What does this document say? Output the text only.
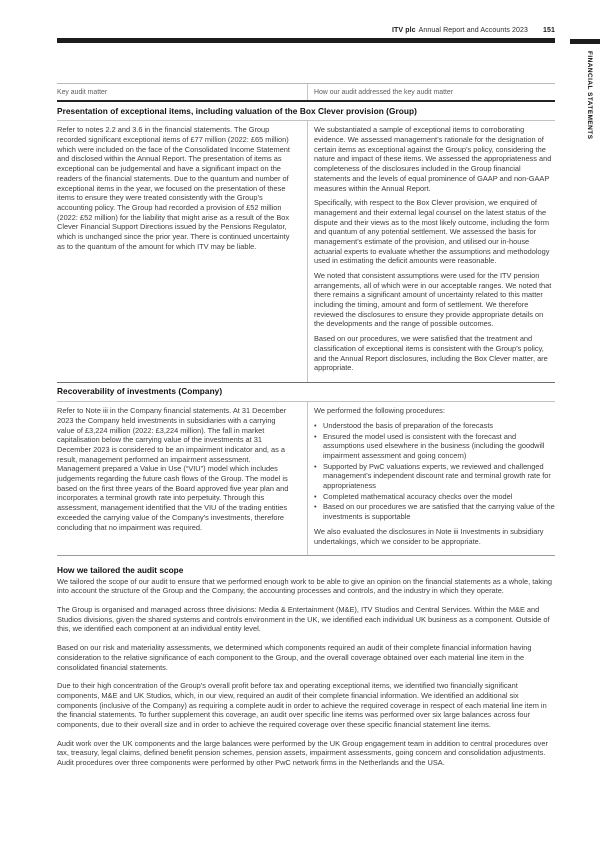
FINANCIAL STATEMENTS
ITV plc Annual Report and Accounts 2023 151
Key audit matter	How our audit addressed the key audit matter
Presentation of exceptional items, including valuation of the Box Clever provision (Group)

Refer to notes 2.2 and 3.6 in the financial statements. The Group recorded significant exceptional items of £77 million (2022: £65 million) which were included on the face of the Consolidated Income Statement and disclosed within the Annual Report. The presentation of items as exceptional can be judgemental and have a significant impact on the readers of the financial statements. Due to the quantum and number of exceptional items in the year, we focused on the presentation of these items to ensure they were treated consistently with the Group’s accounting policy. The Group had recorded a provision of £52 million (2022: £52 million) for the liability that might arise as a result of the Box Clever Financial Support Directions issued by the Pensions Regulator, which is unchanged since the prior year. There is continued uncertainty as to the quantum of the amount for which ITV may be liable.

We substantiated a sample of exceptional items to corroborating evidence. We assessed management’s rationale for the designation of certain items as exceptional against the Group’s policy, considering the nature and impact of these items. We assessed the appropriateness and completeness of the disclosures included in the Group financial statements and the levels of equal prominence of GAAP and non-GAAP measures within the Annual Report.

Specifically, with respect to the Box Clever provision, we enquired of management and their external legal counsel on the latest status of the dispute and their views as to the most likely outcome, including the form and quantum of any potential settlement. We assessed the basis for management’s estimate of the provision, and utilised our in-house actuarial experts to evaluate whether the assumptions and methodology used in estimating the deficit amounts were reasonable.

We noted that consistent assumptions were used for the ITV pension arrangements, all of which were in our acceptable ranges. We noted that there remains a significant amount of uncertainty related to this matter including the timing, amount and form of settlement. We therefore reviewed the disclosures to ensure they provide appropriate details on the developments and the range of possible outcomes.

Based on our procedures, we were satisfied that the treatment and classification of exceptional items is consistent with the Group’s policy, and the Annual Report disclosures, including the Box Clever matter, are appropriate.

Recoverability of investments (Company)

Refer to Note iii in the Company financial statements. At 31 December 2023 the Company held investments in subsidiaries with a carrying value of £3,224 million (2022: £3,224 million). The fall in market capitalisation below the carrying value of the investments at 31 December 2023 is considered to be an impairment indicator and, as a result, management performed an impairment assessment. Management prepared a Value in Use (“VIU”) model which includes judgements regarding the future cash flows of the Group. The model is based on the first three years of the Board approved five year plan and incorporates a terminal growth rate into perpetuity. Through this assessment, management identified that the VIU of the trading entities exceeded the carrying value of the Company’s investments, therefore concluding that no impairment was required.

We performed the following procedures:

• Understood the basis of preparation of the forecasts
• Ensured the model used is consistent with the forecast and assumptions used elsewhere in the business (including the goodwill impairment assessment and going concern)
• Supported by PwC valuations experts, we reviewed and challenged management’s independent discount rate and terminal growth rate for appropriateness
• Completed mathematical accuracy checks over the model
• Based on our procedures we are satisfied that the carrying value of the investments is supportable

We also evaluated the disclosures in Note iii Investments in subsidiary undertakings, which we consider to be appropriate.

How we tailored the audit scope

We tailored the scope of our audit to ensure that we performed enough work to be able to give an opinion on the financial statements as a whole, taking into account the structure of the Group and the Company, the accounting processes and controls, and the industry in which they operate.

The Group is organised and managed across three divisions: Media & Entertainment (M&E), ITV Studios and Central Services. Within the M&E and Studios divisions, given the shared systems and controls environment in the UK, we identified each individual UK business as a component. Outside of this, we identified each component at an individual entity level.

Based on our risk and materiality assessments, we determined which components required an audit of their complete financial information having consideration to the relative significance of each component to the Group, and the overall coverage obtained over each material line item in the consolidated financial statements.

Due to their high concentration of the Group’s overall profit before tax and operating exceptional items, we identified two financially significant components, M&E and UK Studios, which, in our view, required an audit of their complete financial information. We identified an additional six components (inclusive of the Company) as requiring a complete audit in order to achieve the required coverage in respect of each material line item in the financial statements. To further supplement this coverage, an audit over specific line items was performed over six large balances across four components, due to their overall size and in order to achieve the required coverage over these specific financial statement line items.

Audit work over the UK components and the large balances were performed by the UK Group engagement team in addition to central procedures over tax, treasury, legal claims, defined benefit pension schemes, pension assets, impairment assessments, going concern and consolidation adjustments. Audit procedures over three components were performed by other PwC network firms in the Netherlands and the USA.
